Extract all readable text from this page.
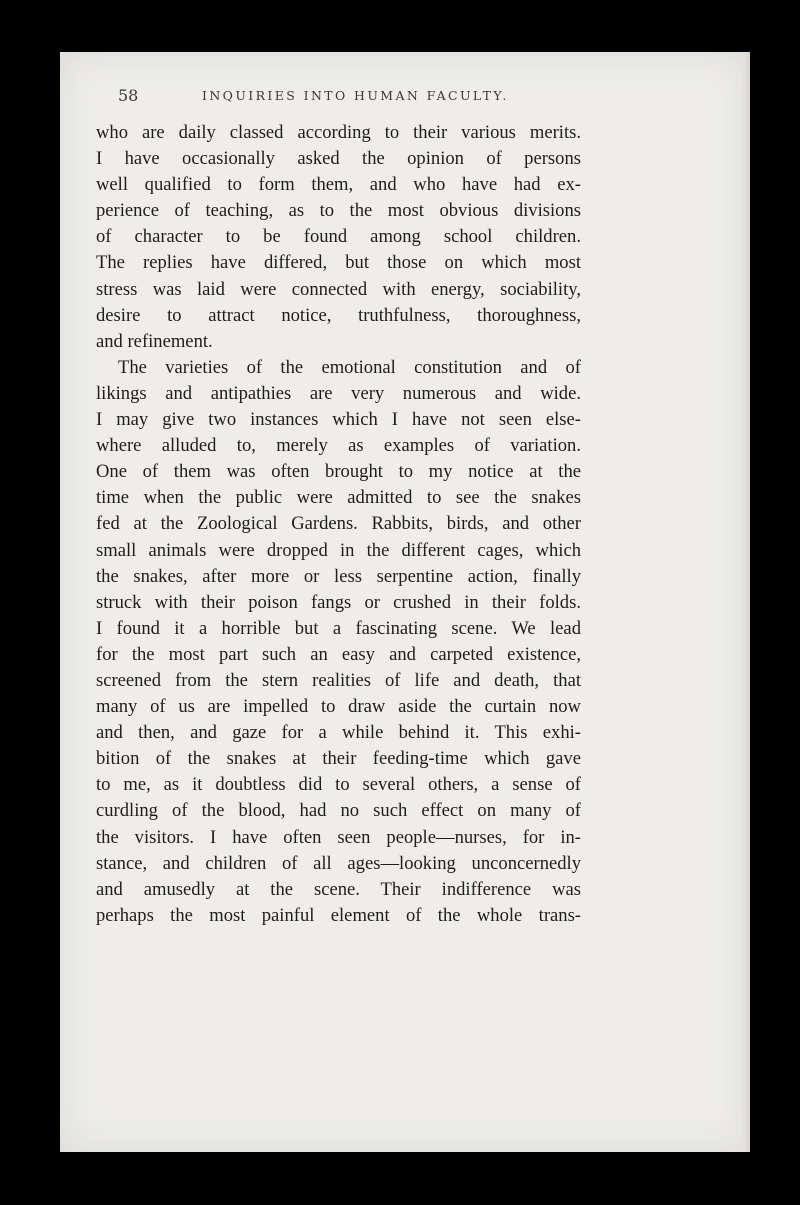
58	INQUIRIES INTO HUMAN FACULTY.

who are daily classed according to their various merits.
I have occasionally asked the opinion of persons
well qualified to form them, and who have had ex-
perience of teaching, as to the most obvious divisions
of character to be found among school children.
The replies have differed, but those on which most
stress was laid were connected with energy, sociability,
desire to attract notice, truthfulness, thoroughness,
and refinement.

The varieties of the emotional constitution and of
likings and antipathies are very numerous and wide.
I may give two instances which I have not seen else-
where alluded to, merely as examples of variation.
One of them was often brought to my notice at the
time when the public were admitted to see the snakes
fed at the Zoological Gardens. Rabbits, birds, and other
small animals were dropped in the different cages, which
the snakes, after more or less serpentine action, finally
struck with their poison fangs or crushed in their folds.
I found it a horrible but a fascinating scene. We lead
for the most part such an easy and carpeted existence,
screened from the stern realities of life and death, that
many of us are impelled to draw aside the curtain now
and then, and gaze for a while behind it. This exhi-
bition of the snakes at their feeding-time which gave
to me, as it doubtless did to several others, a sense of
curdling of the blood, had no such effect on many of
the visitors. I have often seen people—nurses, for in-
stance, and children of all ages—looking unconcernedly
and amusedly at the scene. Their indifference was
perhaps the most painful element of the whole trans-
